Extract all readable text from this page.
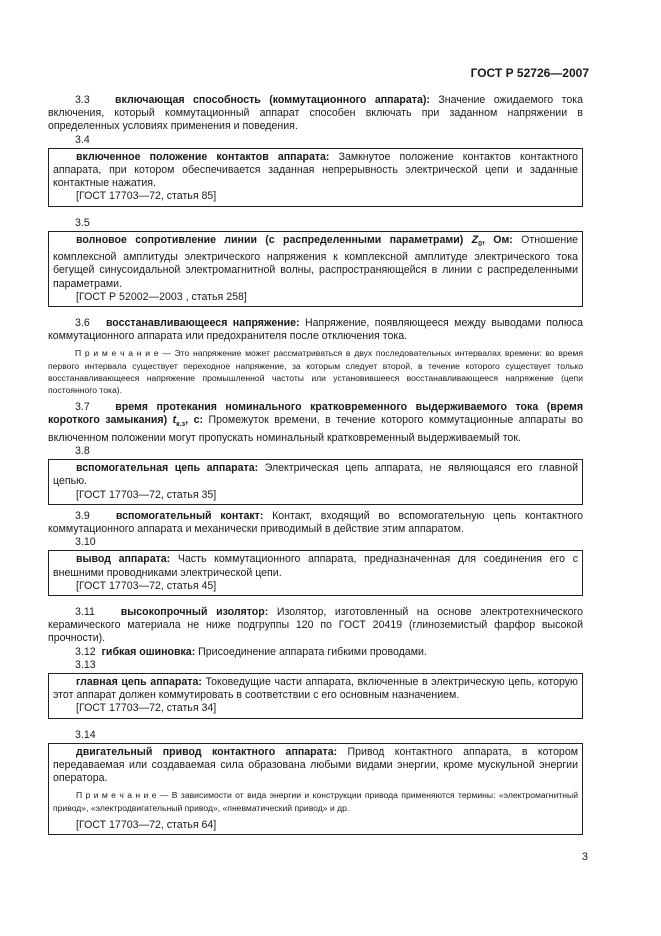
ГОСТ Р 52726—2007

3.3 включающая способность (коммутационного аппарата): Значение ожидаемого тока включения, который коммутационный аппарат способен включать при заданном напряжении в определенных условиях применения и поведения.

3.4

включенное положение контактов аппарата: Замкнутое положение контактов контактного аппарата, при котором обеспечивается заданная непрерывность электрической цепи и заданные контактные нажатия.

[ГОСТ 17703—72, статья 85]

3.5

волновое сопротивление линии (с распределенными параметрами) $Z_0$, Ом: Отношение комплексной амплитуды электрического напряжения к комплексной амплитуде электрического тока бегущей синусоидальной электромагнитной волны, распространяющейся в линии с распределенными параметрами.

[ГОСТ Р 52002—2003 , статья 258]

3.6 восстанавливающееся напряжение: Напряжение, появляющееся между выводами полюса коммутационного аппарата или предохранителя после отключения тока.

П р и м е ч а н и е — Это напряжение может рассматриваться в двух последовательных интервалах времени: во время первого интервала существует переходное напряжение, за которым следует второй, в течение которого существует только восстанавливающееся напряжение промышленной частоты или установившееся восстанавливающееся напряжение (цепи постоянного тока).

3.7 время протекания номинального кратковременного выдерживаемого тока (время короткого замыкания) $t_{к.з}$, с: Промежуток времени, в течение которого коммутационные аппараты во включенном положении могут пропускать номинальный кратковременный выдерживаемый ток.

3.8

вспомогательная цепь аппарата: Электрическая цепь аппарата, не являющаяся его главной цепью.

[ГОСТ 17703—72, статья 35]

3.9 вспомогательный контакт: Контакт, входящий во вспомогательную цепь контактного коммутационного аппарата и механически приводимый в действие этим аппаратом.

3.10

вывод аппарата: Часть коммутационного аппарата, предназначенная для соединения его с внешними проводниками электрической цепи.

[ГОСТ 17703—72, статья 45]

3.11 высокопрочный изолятор: Изолятор, изготовленный на основе электротехнического керамического материала не ниже подгруппы 120 по ГОСТ 20419 (глиноземистый фарфор высокой прочности).

3.12 гибкая ошиновка: Присоединение аппарата гибкими проводами.

3.13

главная цепь аппарата: Токоведущие части аппарата, включенные в электрическую цепь, которую этот аппарат должен коммутировать в соответствии с его основным назначением.

[ГОСТ 17703—72, статья 34]

3.14

двигательный привод контактного аппарата: Привод контактного аппарата, в котором передаваемая или создаваемая сила образована любыми видами энергии, кроме мускульной энергии оператора.

П р и м е ч а н и е — В зависимости от вида энергии и конструкции привода применяются термины: «электромагнитный привод», «электродвигательный привод», «пневматический привод» и др.

[ГОСТ 17703—72, статья 64]

3
